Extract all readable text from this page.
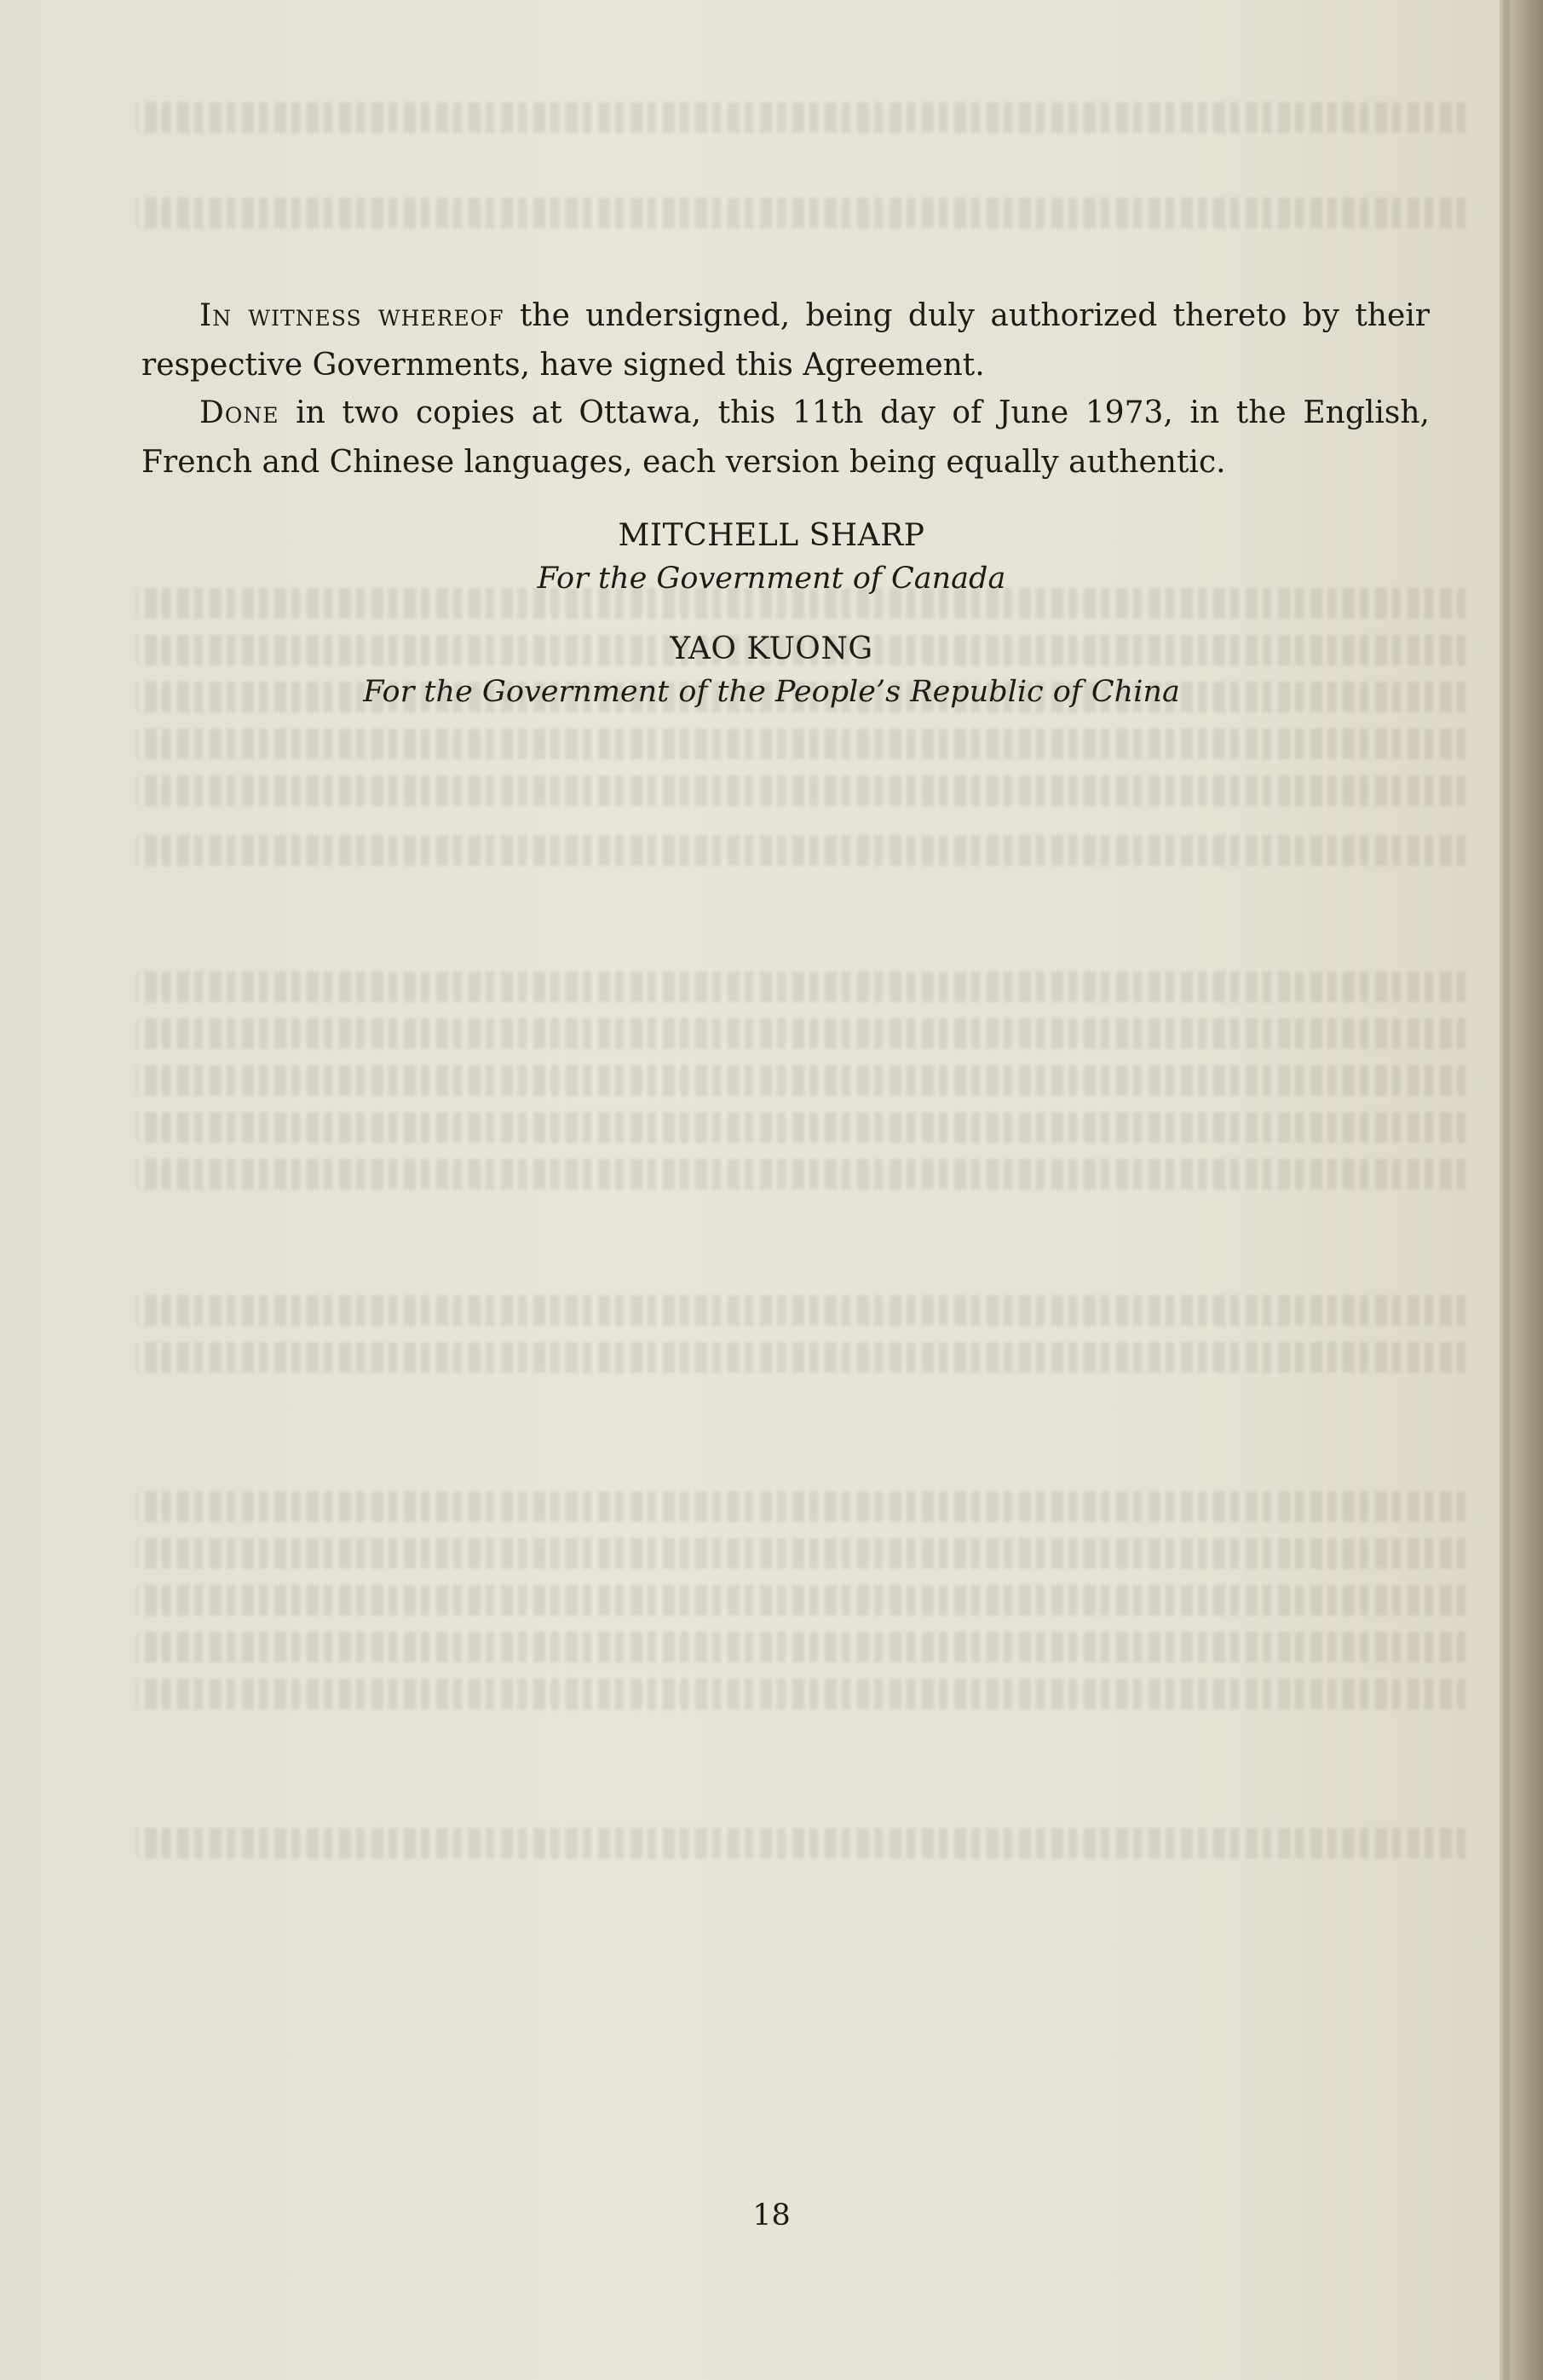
In witness whereof the undersigned, being duly authorized thereto by their respective Governments, have signed this Agreement.

Done in two copies at Ottawa, this 11th day of June 1973, in the English, French and Chinese languages, each version being equally authentic.

MITCHELL SHARP
For the Government of Canada
YAO KUONG
For the Government of the People’s Republic of China
18
